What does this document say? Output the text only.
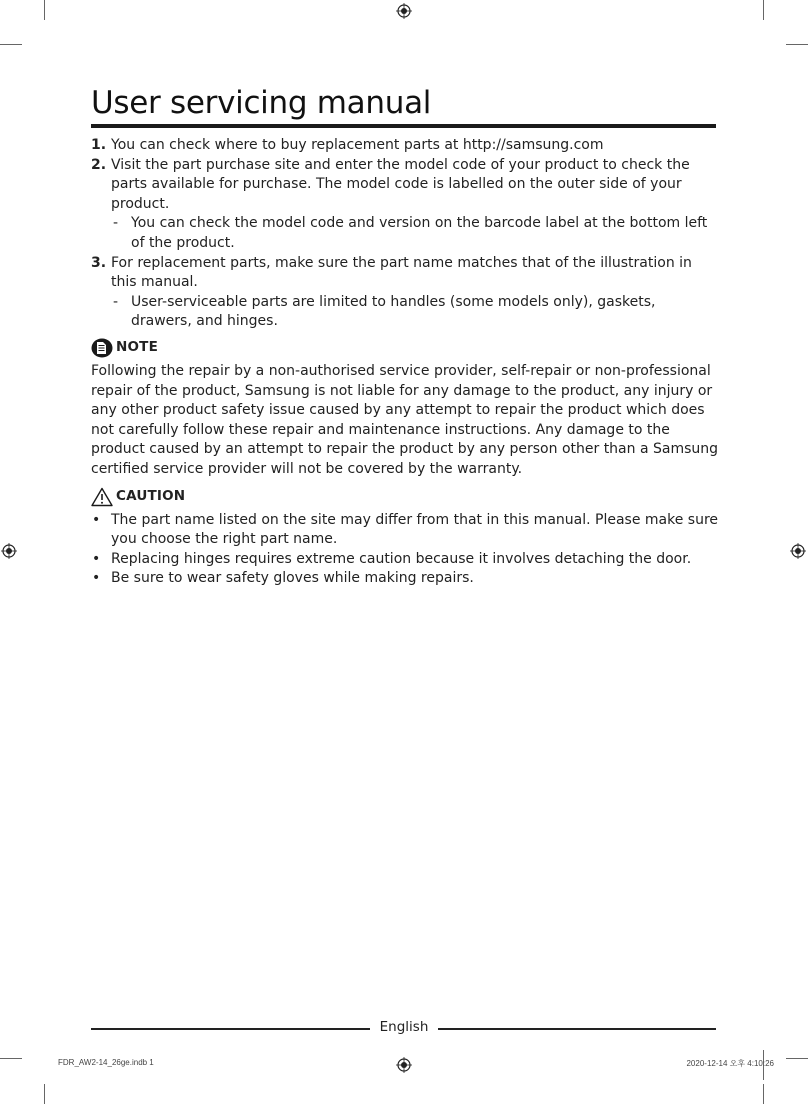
User servicing manual
1. You can check where to buy replacement parts at http://samsung.com
2. Visit the part purchase site and enter the model code of your product to check the parts available for purchase. The model code is labelled on the outer side of your product.
- You can check the model code and version on the barcode label at the bottom left of the product.
3. For replacement parts, make sure the part name matches that of the illustration in this manual.
- User-serviceable parts are limited to handles (some models only), gaskets, drawers, and hinges.
NOTE

Following the repair by a non-authorised service provider, self-repair or non-professional repair of the product, Samsung is not liable for any damage to the product, any injury or any other product safety issue caused by any attempt to repair the product which does not carefully follow these repair and maintenance instructions. Any damage to the product caused by an attempt to repair the product by any person other than a Samsung certified service provider will not be covered by the warranty.

CAUTION
• The part name listed on the site may differ from that in this manual. Please make sure you choose the right part name.
• Replacing hinges requires extreme caution because it involves detaching the door.
• Be sure to wear safety gloves while making repairs.
English
FDR_AW2-14_26ge.indb 1	2020-12-14 오후 4:10:26
